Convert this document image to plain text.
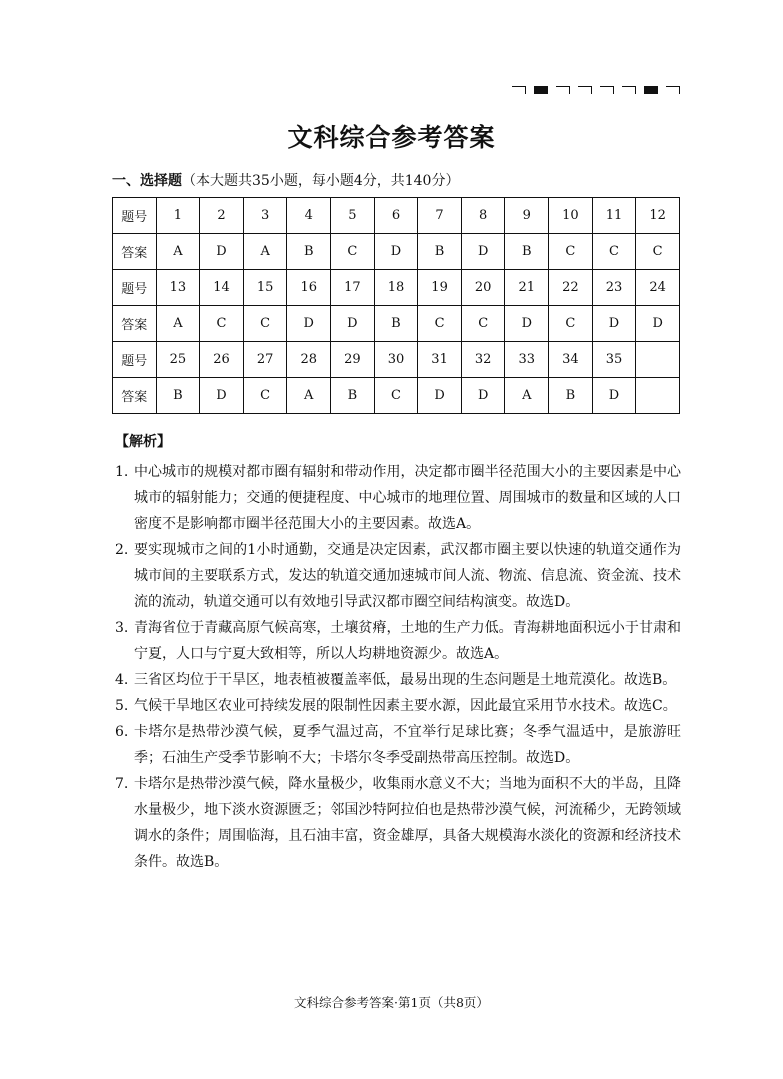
文科综合参考答案
一、选择题（本大题共35小题，每小题4分，共140分）
题号	1	2	3	4	5	6	7	8	9	10	11	12
答案	A	D	A	B	C	D	B	D	B	C	C	C
题号	13	14	15	16	17	18	19	20	21	22	23	24
答案	A	C	C	D	D	B	C	C	D	C	D	D
题号	25	26	27	28	29	30	31	32	33	34	35	
答案	B	D	C	A	B	C	D	D	A	B	D	
【解析】
1. 中心城市的规模对都市圈有辐射和带动作用，决定都市圈半径范围大小的主要因素是中心城市的辐射能力；交通的便捷程度、中心城市的地理位置、周围城市的数量和区域的人口密度不是影响都市圈半径范围大小的主要因素。故选A。
2. 要实现城市之间的1小时通勤，交通是决定因素，武汉都市圈主要以快速的轨道交通作为城市间的主要联系方式，发达的轨道交通加速城市间人流、物流、信息流、资金流、技术流的流动，轨道交通可以有效地引导武汉都市圈空间结构演变。故选D。
3. 青海省位于青藏高原气候高寒，土壤贫瘠，土地的生产力低。青海耕地面积远小于甘肃和宁夏，人口与宁夏大致相等，所以人均耕地资源少。故选A。
4. 三省区均位于干旱区，地表植被覆盖率低，最易出现的生态问题是土地荒漠化。故选B。
5. 气候干旱地区农业可持续发展的限制性因素主要水源，因此最宜采用节水技术。故选C。
6. 卡塔尔是热带沙漠气候，夏季气温过高，不宜举行足球比赛；冬季气温适中，是旅游旺季；石油生产受季节影响不大；卡塔尔冬季受副热带高压控制。故选D。
7. 卡塔尔是热带沙漠气候，降水量极少，收集雨水意义不大；当地为面积不大的半岛，且降水量极少，地下淡水资源匮乏；邻国沙特阿拉伯也是热带沙漠气候，河流稀少，无跨领域调水的条件；周围临海，且石油丰富，资金雄厚，具备大规模海水淡化的资源和经济技术条件。故选B。
文科综合参考答案·第1页（共8页）
